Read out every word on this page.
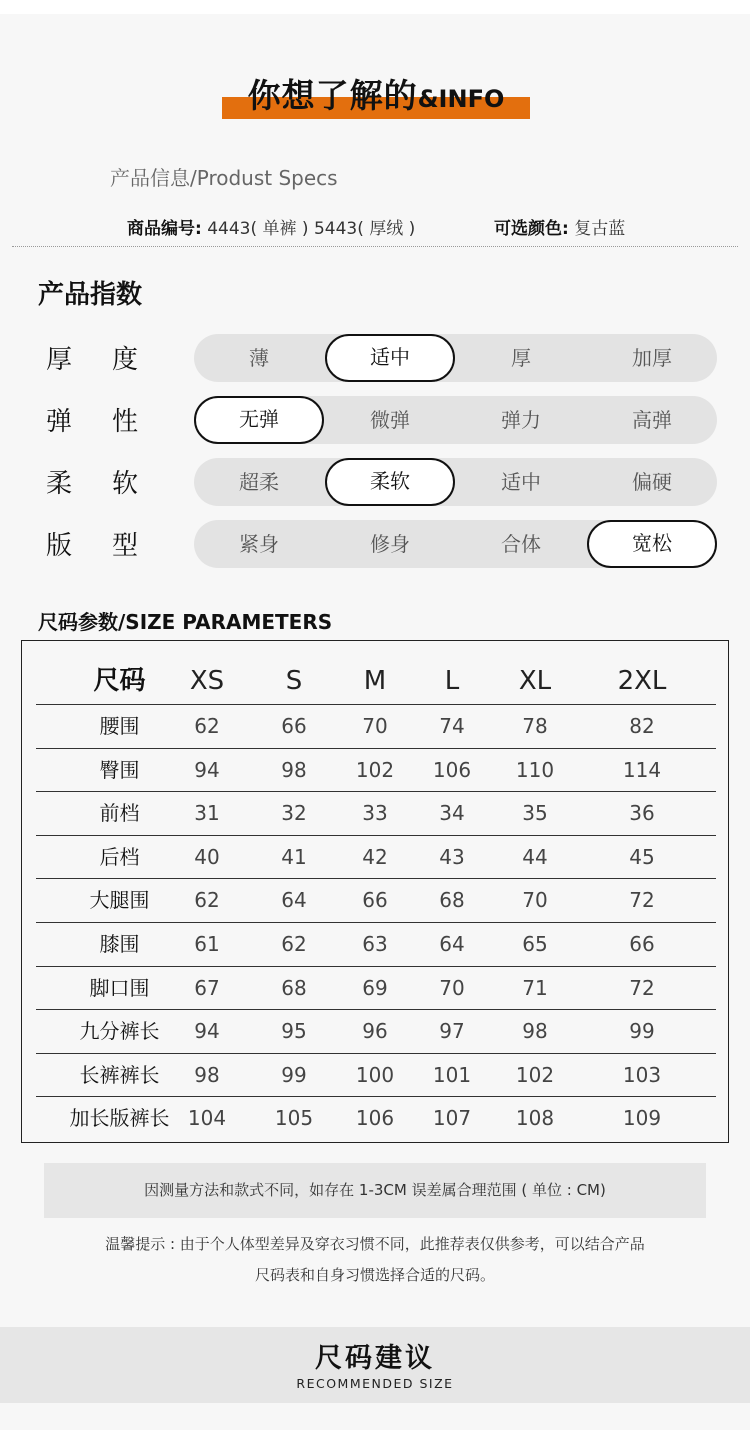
你想了解的&INFO
产品信息/Produst Specs
商品编号: 4443( 单裤 ) 5443( 厚绒 )	可选颜色: 复古蓝
产品指数
厚 度	薄	适中	厚	加厚
弹 性	无弹	微弹	弹力	高弹
柔 软	超柔	柔软	适中	偏硬
版 型	紧身	修身	合体	宽松
尺码参数/SIZE PARAMETERS
尺码	XS	S	M	L	XL	2XL
腰围	62	66	70	74	78	82
臀围	94	98	102	106	110	114
前档	31	32	33	34	35	36
后档	40	41	42	43	44	45
大腿围	62	64	66	68	70	72
膝围	61	62	63	64	65	66
脚口围	67	68	69	70	71	72
九分裤长	94	95	96	97	98	99
长裤裤长	98	99	100	101	102	103
加长版裤长 104	105	106	107	108	109
因测量方法和款式不同，如存在 1-3CM 误差属合理范围 ( 单位 : CM)
温馨提示 : 由于个人体型差异及穿衣习惯不同，此推荐表仅供参考，可以结合产品
尺码表和自身习惯选择合适的尺码。
尺码建议
RECOMMENDED SIZE
